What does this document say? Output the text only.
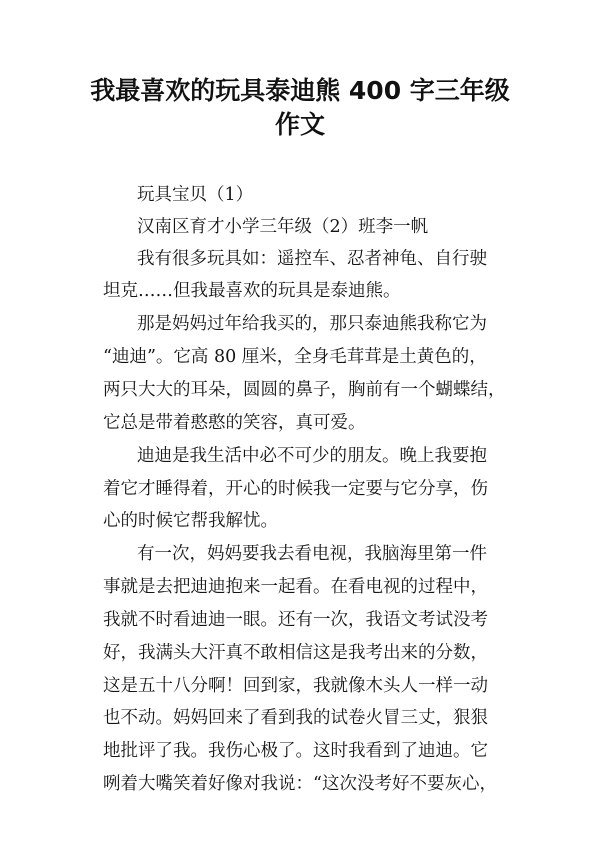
我最喜欢的玩具泰迪熊 400 字三年级
作文
玩具宝贝（1）
汉南区育才小学三年级（2）班李一帆
我有很多玩具如：遥控车、忍者神龟、自行驶
坦克……但我最喜欢的玩具是泰迪熊。
那是妈妈过年给我买的，那只泰迪熊我称它为
“迪迪”。它高 80 厘米，全身毛茸茸是土黄色的，
两只大大的耳朵，圆圆的鼻子，胸前有一个蝴蝶结，
它总是带着憨憨的笑容，真可爱。
迪迪是我生活中必不可少的朋友。晚上我要抱
着它才睡得着，开心的时候我一定要与它分享，伤
心的时候它帮我解忧。
有一次，妈妈要我去看电视，我脑海里第一件
事就是去把迪迪抱来一起看。在看电视的过程中，
我就不时看迪迪一眼。还有一次，我语文考试没考
好，我满头大汗真不敢相信这是我考出来的分数，
这是五十八分啊！回到家，我就像木头人一样一动
也不动。妈妈回来了看到我的试卷火冒三丈，狠狠
地批评了我。我伤心极了。这时我看到了迪迪。它
咧着大嘴笑着好像对我说：“这次没考好不要灰心，
